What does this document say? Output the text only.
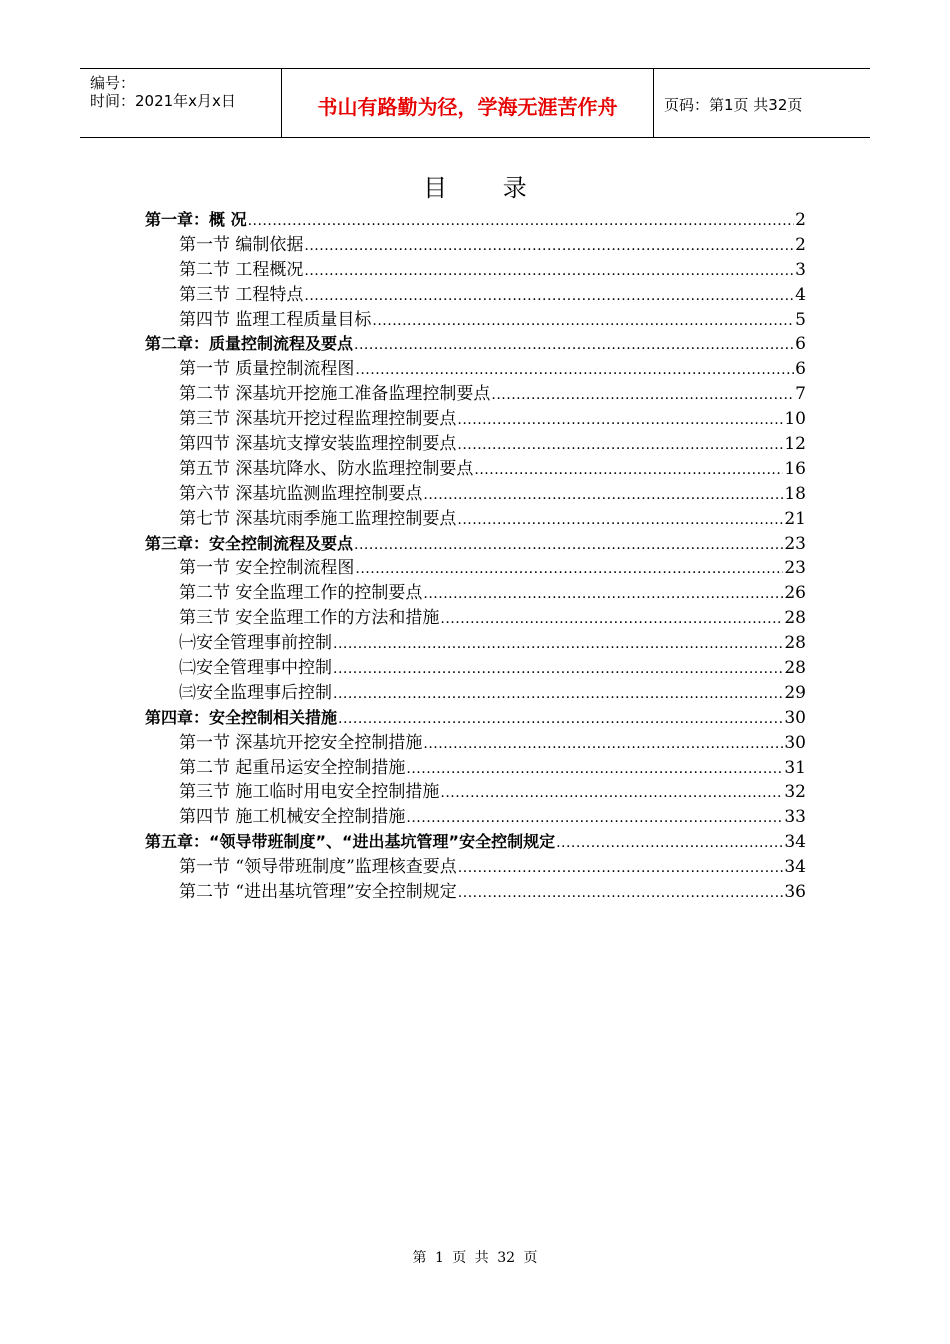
编号：
时间：2021年x月x日	书山有路勤为径，学海无涯苦作舟	页码：第1页 共32页
目 录
第一章：概 况 .....	2
第一节 编制依据 .....	2
第二节 工程概况 .....	3
第三节 工程特点 .....	4
第四节 监理工程质量目标 .....	5
第二章：质量控制流程及要点 .....	6
第一节 质量控制流程图 .....	6
第二节 深基坑开挖施工准备监理控制要点 .....	7
第三节 深基坑开挖过程监理控制要点 .....	10
第四节 深基坑支撑安装监理控制要点 .....	12
第五节 深基坑降水、防水监理控制要点 .....	16
第六节 深基坑监测监理控制要点 .....	18
第七节 深基坑雨季施工监理控制要点 .....	21
第三章：安全控制流程及要点 .....	23
第一节 安全控制流程图 .....	23
第二节 安全监理工作的控制要点 .....	26
第三节 安全监理工作的方法和措施 .....	28
㈠安全管理事前控制 .....	28
㈡安全管理事中控制 .....	28
㈢安全监理事后控制 .....	29
第四章：安全控制相关措施 .....	30
第一节 深基坑开挖安全控制措施 .....	30
第二节 起重吊运安全控制措施 .....	31
第三节 施工临时用电安全控制措施 .....	32
第四节 施工机械安全控制措施 .....	33
第五章：“领导带班制度”、“进出基坑管理”安全控制规定 .....	34
第一节 “领导带班制度”监理核查要点 .....	34
第二节 “进出基坑管理”安全控制规定 .....	36
第 1 页 共 32 页
